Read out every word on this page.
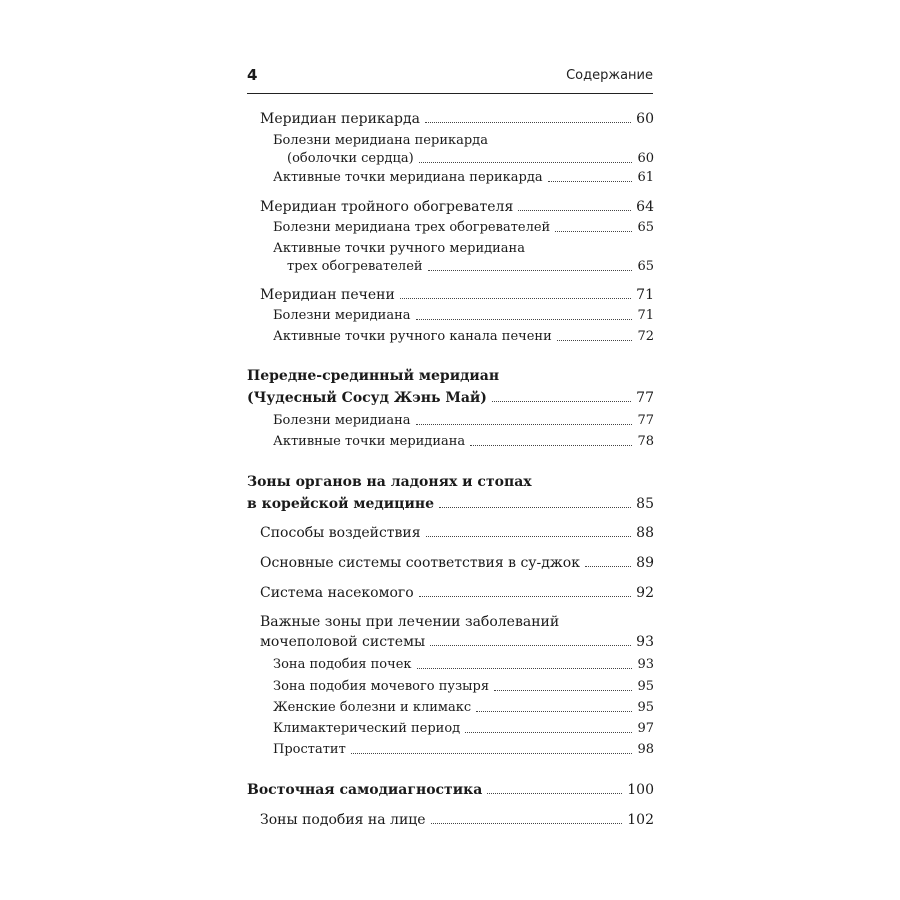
4	Содержание
Меридиан перикарда	60
Болезни меридиана перикарда
(оболочки сердца)	60
Активные точки меридиана перикарда	61
Меридиан тройного обогревателя	64
Болезни меридиана трех обогревателей	65
Активные точки ручного меридиана
трех обогревателей	65
Меридиан печени	71
Болезни меридиана	71
Активные точки ручного канала печени	72
Передне-срединный меридиан
(Чудесный Сосуд Жэнь Май)	77
Болезни меридиана	77
Активные точки меридиана	78
Зоны органов на ладонях и стопах
в корейской медицине	85
Способы воздействия	88
Основные системы соответствия в су-джок	89
Система насекомого	92
Важные зоны при лечении заболеваний
мочеполовой системы	93
Зона подобия почек	93
Зона подобия мочевого пузыря	95
Женские болезни и климакс	95
Климактерический период	97
Простатит	98
Восточная самодиагностика	100
Зоны подобия на лице	102
